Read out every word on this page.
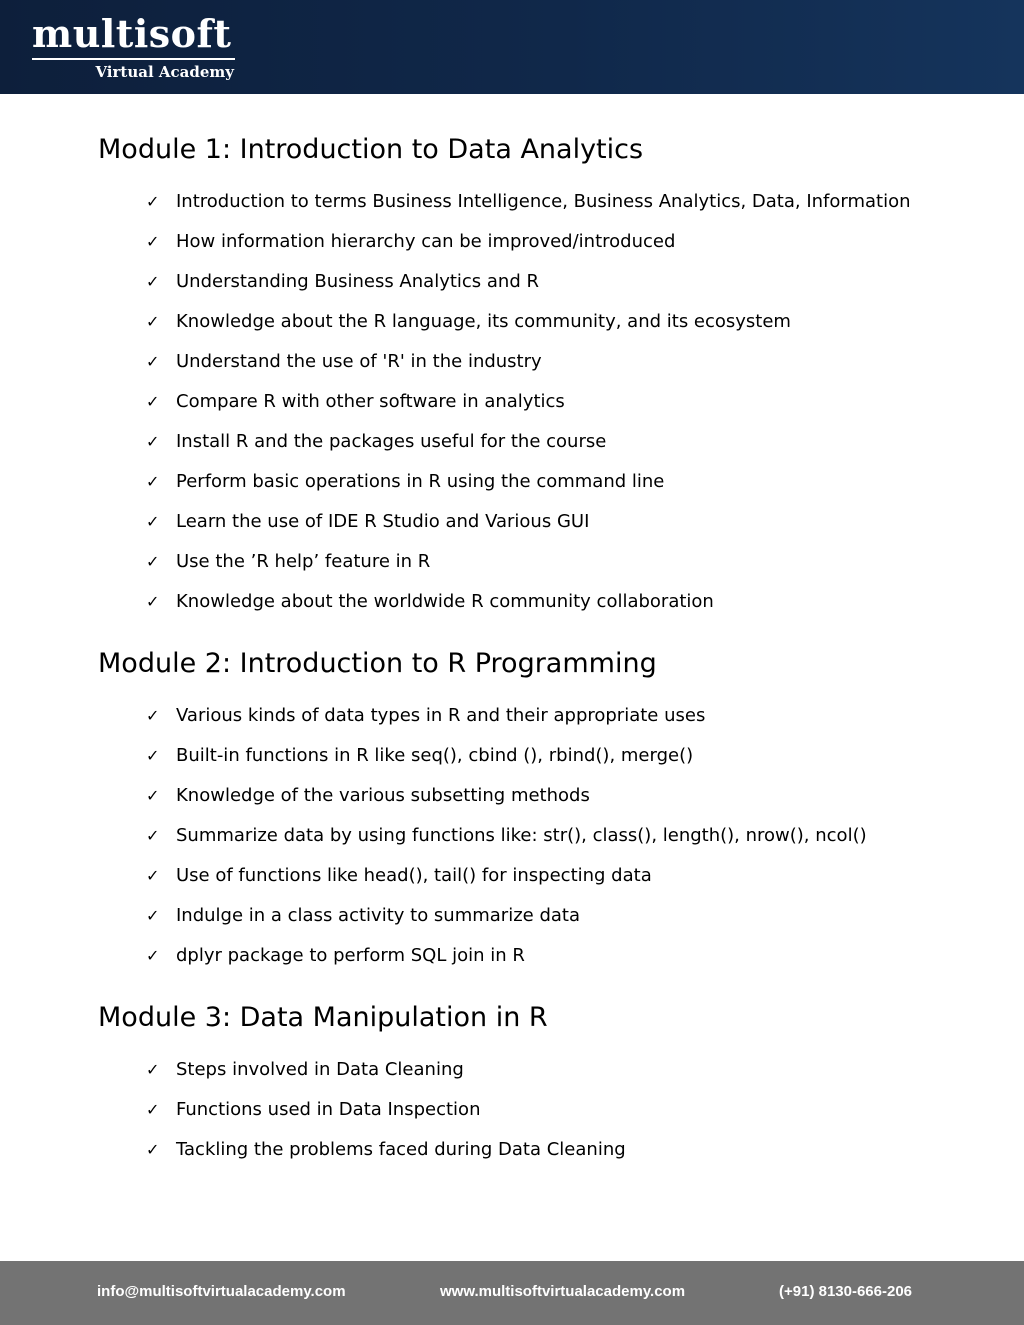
multisoft
Virtual Academy
Module 1: Introduction to Data Analytics
✓ Introduction to terms Business Intelligence, Business Analytics, Data, Information
✓ How information hierarchy can be improved/introduced
✓ Understanding Business Analytics and R
✓ Knowledge about the R language, its community, and its ecosystem
✓ Understand the use of 'R' in the industry
✓ Compare R with other software in analytics
✓ Install R and the packages useful for the course
✓ Perform basic operations in R using the command line
✓ Learn the use of IDE R Studio and Various GUI
✓ Use the ’R help’ feature in R
✓ Knowledge about the worldwide R community collaboration
Module 2: Introduction to R Programming
✓ Various kinds of data types in R and their appropriate uses
✓ Built-in functions in R like seq(), cbind (), rbind(), merge()
✓ Knowledge of the various subsetting methods
✓ Summarize data by using functions like: str(), class(), length(), nrow(), ncol()
✓ Use of functions like head(), tail() for inspecting data
✓ Indulge in a class activity to summarize data
✓ dplyr package to perform SQL join in R
Module 3: Data Manipulation in R
✓ Steps involved in Data Cleaning
✓ Functions used in Data Inspection
✓ Tackling the problems faced during Data Cleaning
info@multisoftvirtualacademy.com	www.multisoftvirtualacademy.com	(+91) 8130-666-206
